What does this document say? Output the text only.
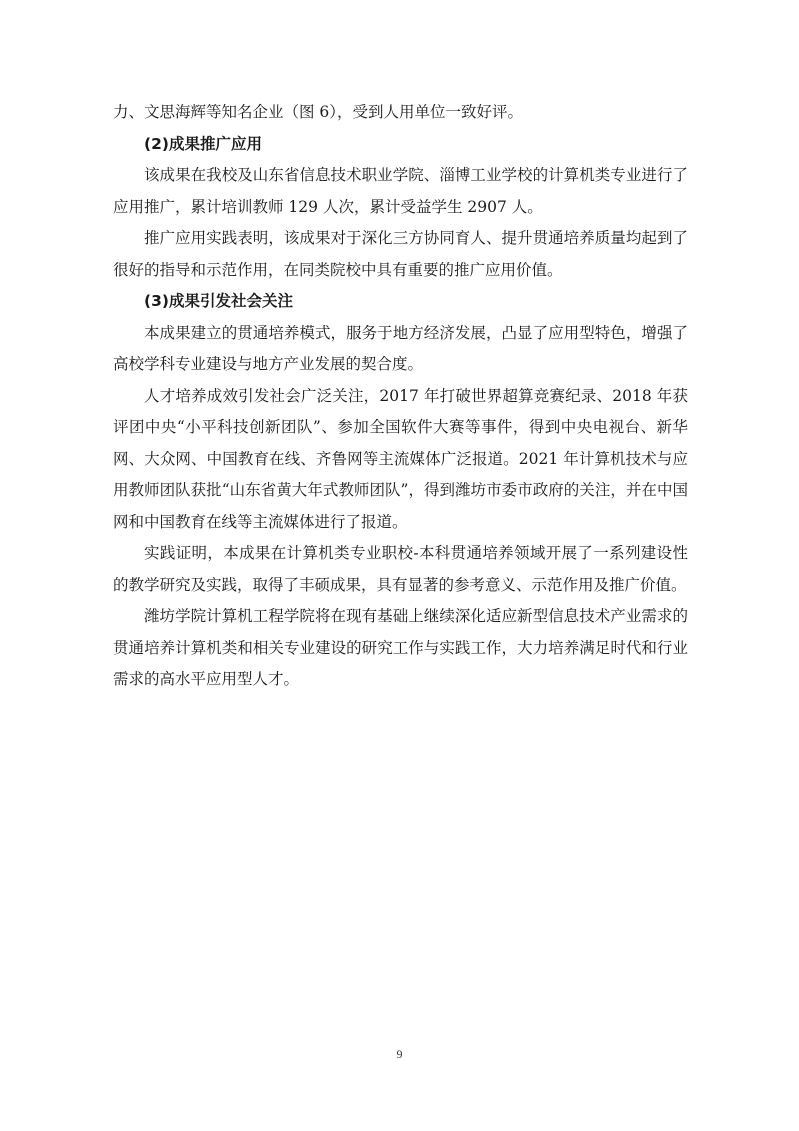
力、文思海辉等知名企业（图 6），受到人用单位一致好评。

(2)成果推广应用

该成果在我校及山东省信息技术职业学院、淄博工业学校的计算机类专业进行了应用推广，累计培训教师 129 人次，累计受益学生 2907 人。

推广应用实践表明，该成果对于深化三方协同育人、提升贯通培养质量均起到了很好的指导和示范作用，在同类院校中具有重要的推广应用价值。

(3)成果引发社会关注

本成果建立的贯通培养模式，服务于地方经济发展，凸显了应用型特色，增强了高校学科专业建设与地方产业发展的契合度。

人才培养成效引发社会广泛关注，2017 年打破世界超算竞赛纪录、2018 年获评团中央“小平科技创新团队”、参加全国软件大赛等事件，得到中央电视台、新华网、大众网、中国教育在线、齐鲁网等主流媒体广泛报道。2021 年计算机技术与应用教师团队获批“山东省黄大年式教师团队”，得到潍坊市委市政府的关注，并在中国网和中国教育在线等主流媒体进行了报道。

实践证明，本成果在计算机类专业职校-本科贯通培养领域开展了一系列建设性的教学研究及实践，取得了丰硕成果，具有显著的参考意义、示范作用及推广价值。

潍坊学院计算机工程学院将在现有基础上继续深化适应新型信息技术产业需求的贯通培养计算机类和相关专业建设的研究工作与实践工作，大力培养满足时代和行业需求的高水平应用型人才。

9
